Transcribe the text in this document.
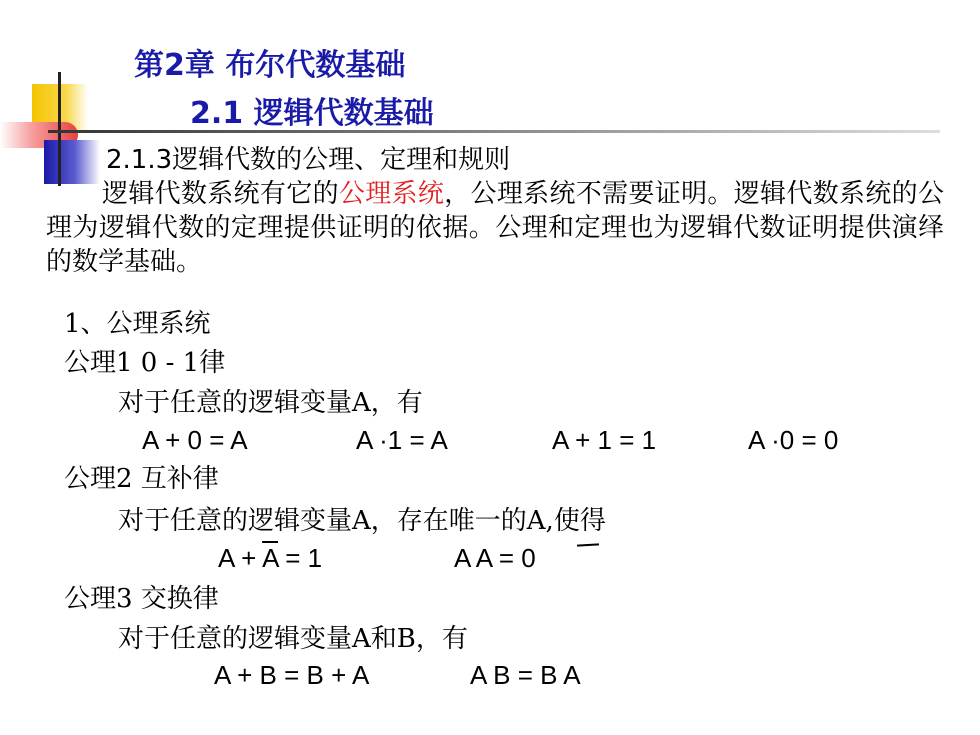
第2章 布尔代数基础
2.1 逻辑代数基础
2.1.3逻辑代数的公理、定理和规则
逻辑代数系统有它的公理系统，公理系统不需要证明。逻辑代数系统的公理为逻辑代数的定理提供证明的依据。公理和定理也为逻辑代数证明提供演绎的数学基础。
1、公理系统
公理1 0 - 1律
对于任意的逻辑变量A，有
A + 0 = A	A ·1 = A	A + 1 = 1	A ·0 = 0
公理2 互补律
对于任意的逻辑变量A，存在唯一的A,使得
$A + \overline{A} = 1$	A A = 0
公理3 交换律
对于任意的逻辑变量A和B，有
A + B = B + A	A B = B A
